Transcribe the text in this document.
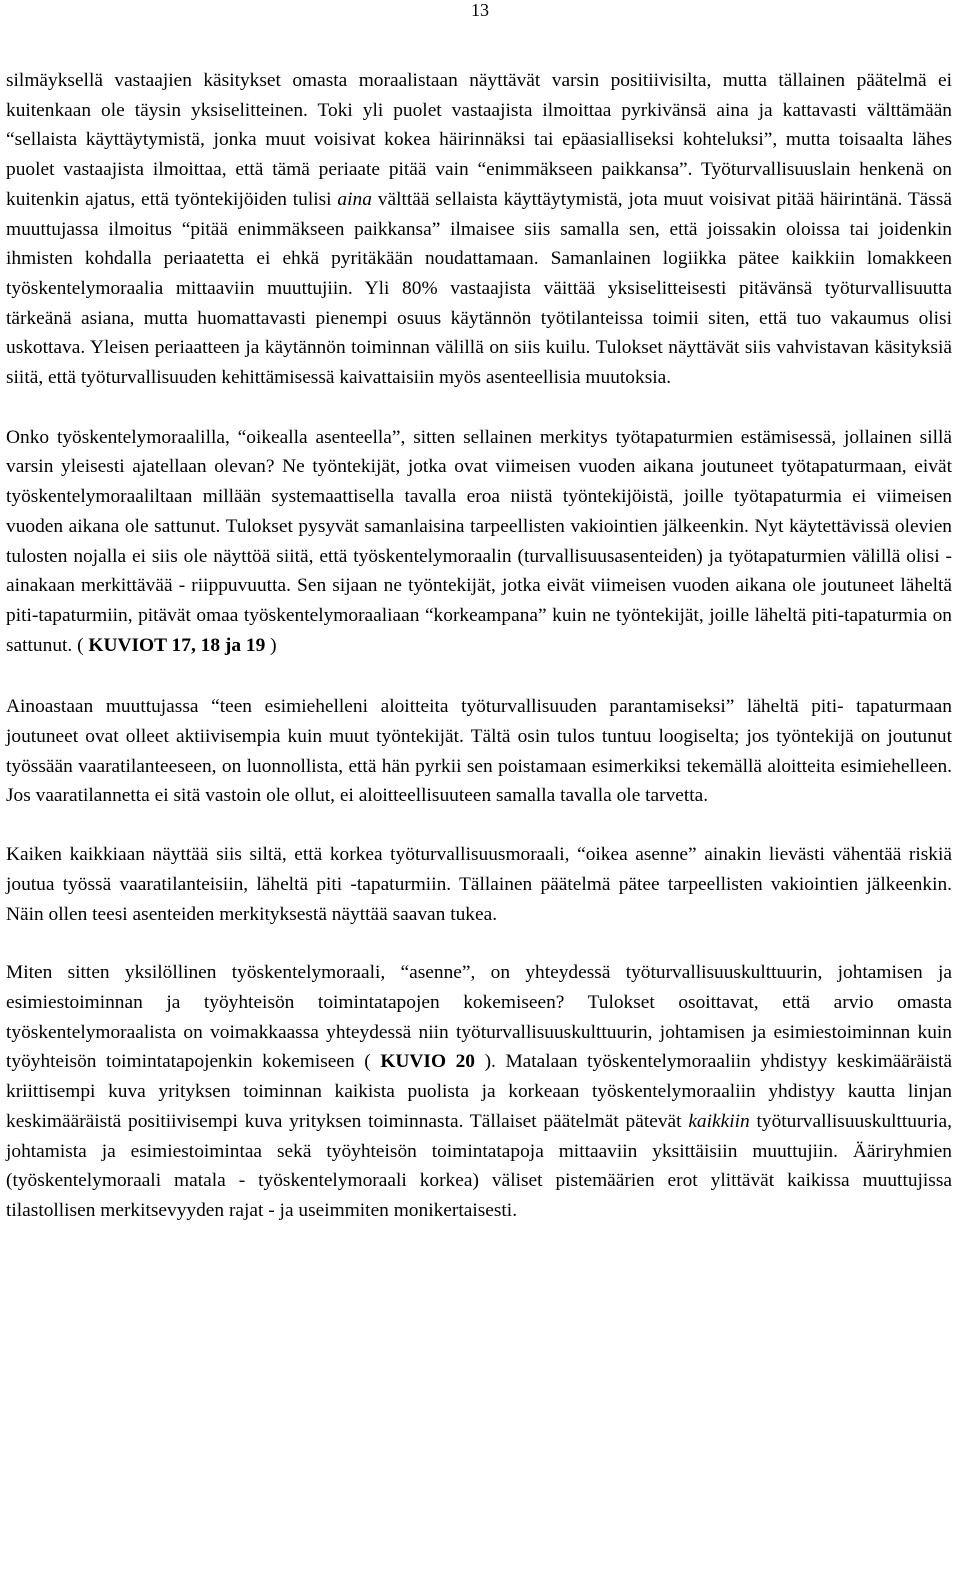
13

silmäyksellä vastaajien käsitykset omasta moraalistaan näyttävät varsin positiivisilta, mutta tällainen päätelmä ei kuitenkaan ole täysin yksiselitteinen. Toki yli puolet vastaajista ilmoittaa pyrkivänsä aina ja kattavasti välttämään “sellaista käyttäytymistä, jonka muut voisivat kokea häirinnäksi tai epäasialliseksi kohteluksi”, mutta toisaalta lähes puolet vastaajista ilmoittaa, että tämä periaate pitää vain “enimmäkseen paikkansa”. Työturvallisuuslain henkenä on kuitenkin ajatus, että työntekijöiden tulisi aina välttää sellaista käyttäytymistä, jota muut voisivat pitää häirintänä. Tässä muuttujassa ilmoitus “pitää enimmäkseen paikkansa” ilmaisee siis samalla sen, että joissakin oloissa tai joidenkin ihmisten kohdalla periaatetta ei ehkä pyritäkään noudattamaan. Samanlainen logiikka pätee kaikkiin lomakkeen työskentelymoraalia mittaaviin muuttujiin. Yli 80% vastaajista väittää yksiselitteisesti pitävänsä työturvallisuutta tärkeänä asiana, mutta huomattavasti pienempi osuus käytännön työtilanteissa toimii siten, että tuo vakaumus olisi uskottava. Yleisen periaatteen ja käytännön toiminnan välillä on siis kuilu. Tulokset näyttävät siis vahvistavan käsityksiä siitä, että työturvallisuuden kehittämisessä kaivattaisiin myös asenteellisia muutoksia.

Onko työskentelymoraalilla, “oikealla asenteella”, sitten sellainen merkitys työtapaturmien estämisessä, jollainen sillä varsin yleisesti ajatellaan olevan? Ne työntekijät, jotka ovat viimeisen vuoden aikana joutuneet työtapaturmaan, eivät työskentelymoraaliltaan millään systemaattisella tavalla eroa niistä työntekijöistä, joille työtapaturmia ei viimeisen vuoden aikana ole sattunut. Tulokset pysyvät samanlaisina tarpeellisten vakiointien jälkeenkin. Nyt käytettävissä olevien tulosten nojalla ei siis ole näyttöä siitä, että työskentelymoraalin (turvallisuusasenteiden) ja työtapaturmien välillä olisi - ainakaan merkittävää - riippuvuutta. Sen sijaan ne työntekijät, jotka eivät viimeisen vuoden aikana ole joutuneet läheltä piti-tapaturmiin, pitävät omaa työskentelymoraaliaan “korkeampana” kuin ne työntekijät, joille läheltä piti-tapaturmia on sattunut. ( KUVIOT 17, 18 ja 19 )

Ainoastaan muuttujassa “teen esimiehelleni aloitteita työturvallisuuden parantamiseksi” läheltä piti- tapaturmaan joutuneet ovat olleet aktiivisempia kuin muut työntekijät. Tältä osin tulos tuntuu loogiselta; jos työntekijä on joutunut työssään vaaratilanteeseen, on luonnollista, että hän pyrkii sen poistamaan esimerkiksi tekemällä aloitteita esimiehelleen. Jos vaaratilannetta ei sitä vastoin ole ollut, ei aloitteellisuuteen samalla tavalla ole tarvetta.

Kaiken kaikkiaan näyttää siis siltä, että korkea työturvallisuusmoraali, “oikea asenne” ainakin lievästi vähentää riskiä joutua työssä vaaratilanteisiin, läheltä piti -tapaturmiin. Tällainen päätelmä pätee tarpeellisten vakiointien jälkeenkin. Näin ollen teesi asenteiden merkityksestä näyttää saavan tukea.

Miten sitten yksilöllinen työskentelymoraali, “asenne”, on yhteydessä työturvallisuuskulttuurin, johtamisen ja esimiestoiminnan ja työyhteisön toimintatapojen kokemiseen? Tulokset osoittavat, että arvio omasta työskentelymoraalista on voimakkaassa yhteydessä niin työturvallisuuskulttuurin, johtamisen ja esimiestoiminnan kuin työyhteisön toimintatapojenkin kokemiseen ( KUVIO 20 ). Matalaan työskentelymoraaliin yhdistyy keskimääräistä kriittisempi kuva yrityksen toiminnan kaikista puolista ja korkeaan työskentelymoraaliin yhdistyy kautta linjan keskimääräistä positiivisempi kuva yrityksen toiminnasta. Tällaiset päätelmät pätevät kaikkiin työturvallisuuskulttuuria, johtamista ja esimiestoimintaa sekä työyhteisön toimintatapoja mittaaviin yksittäisiin muuttujiin. Ääriryhmien (työskentelymoraali matala - työskentelymoraali korkea) väliset pistemäärien erot ylittävät kaikissa muuttujissa tilastollisen merkitsevyyden rajat - ja useimmiten monikertaisesti.
